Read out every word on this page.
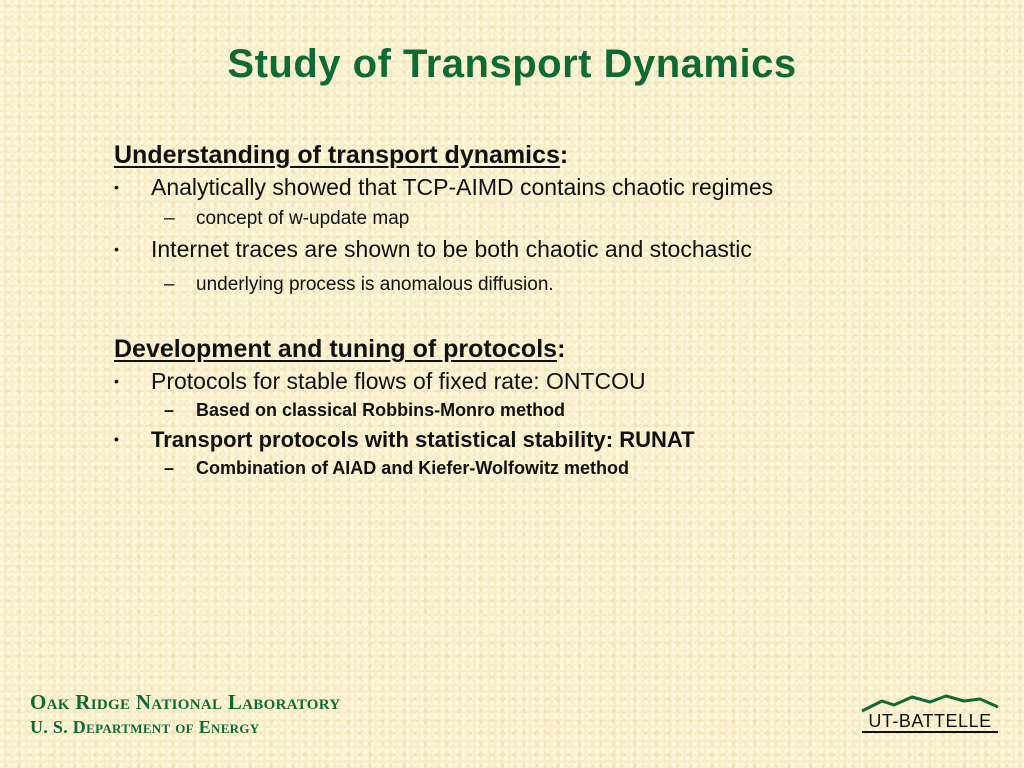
Study of Transport Dynamics
Understanding of transport dynamics:
•	Analytically showed that TCP-AIMD contains chaotic regimes
– concept of w-update map
•	Internet traces are shown to be both chaotic and stochastic
– underlying process is anomalous diffusion.
Development and tuning of protocols:
•	Protocols for stable flows of fixed rate: ONTCOU
– Based on classical Robbins-Monro method
•	Transport protocols with statistical stability: RUNAT
– Combination of AIAD and Kiefer-Wolfowitz method
Oak Ridge National Laboratory
U. S. Department of Energy	UT-BATTELLE
